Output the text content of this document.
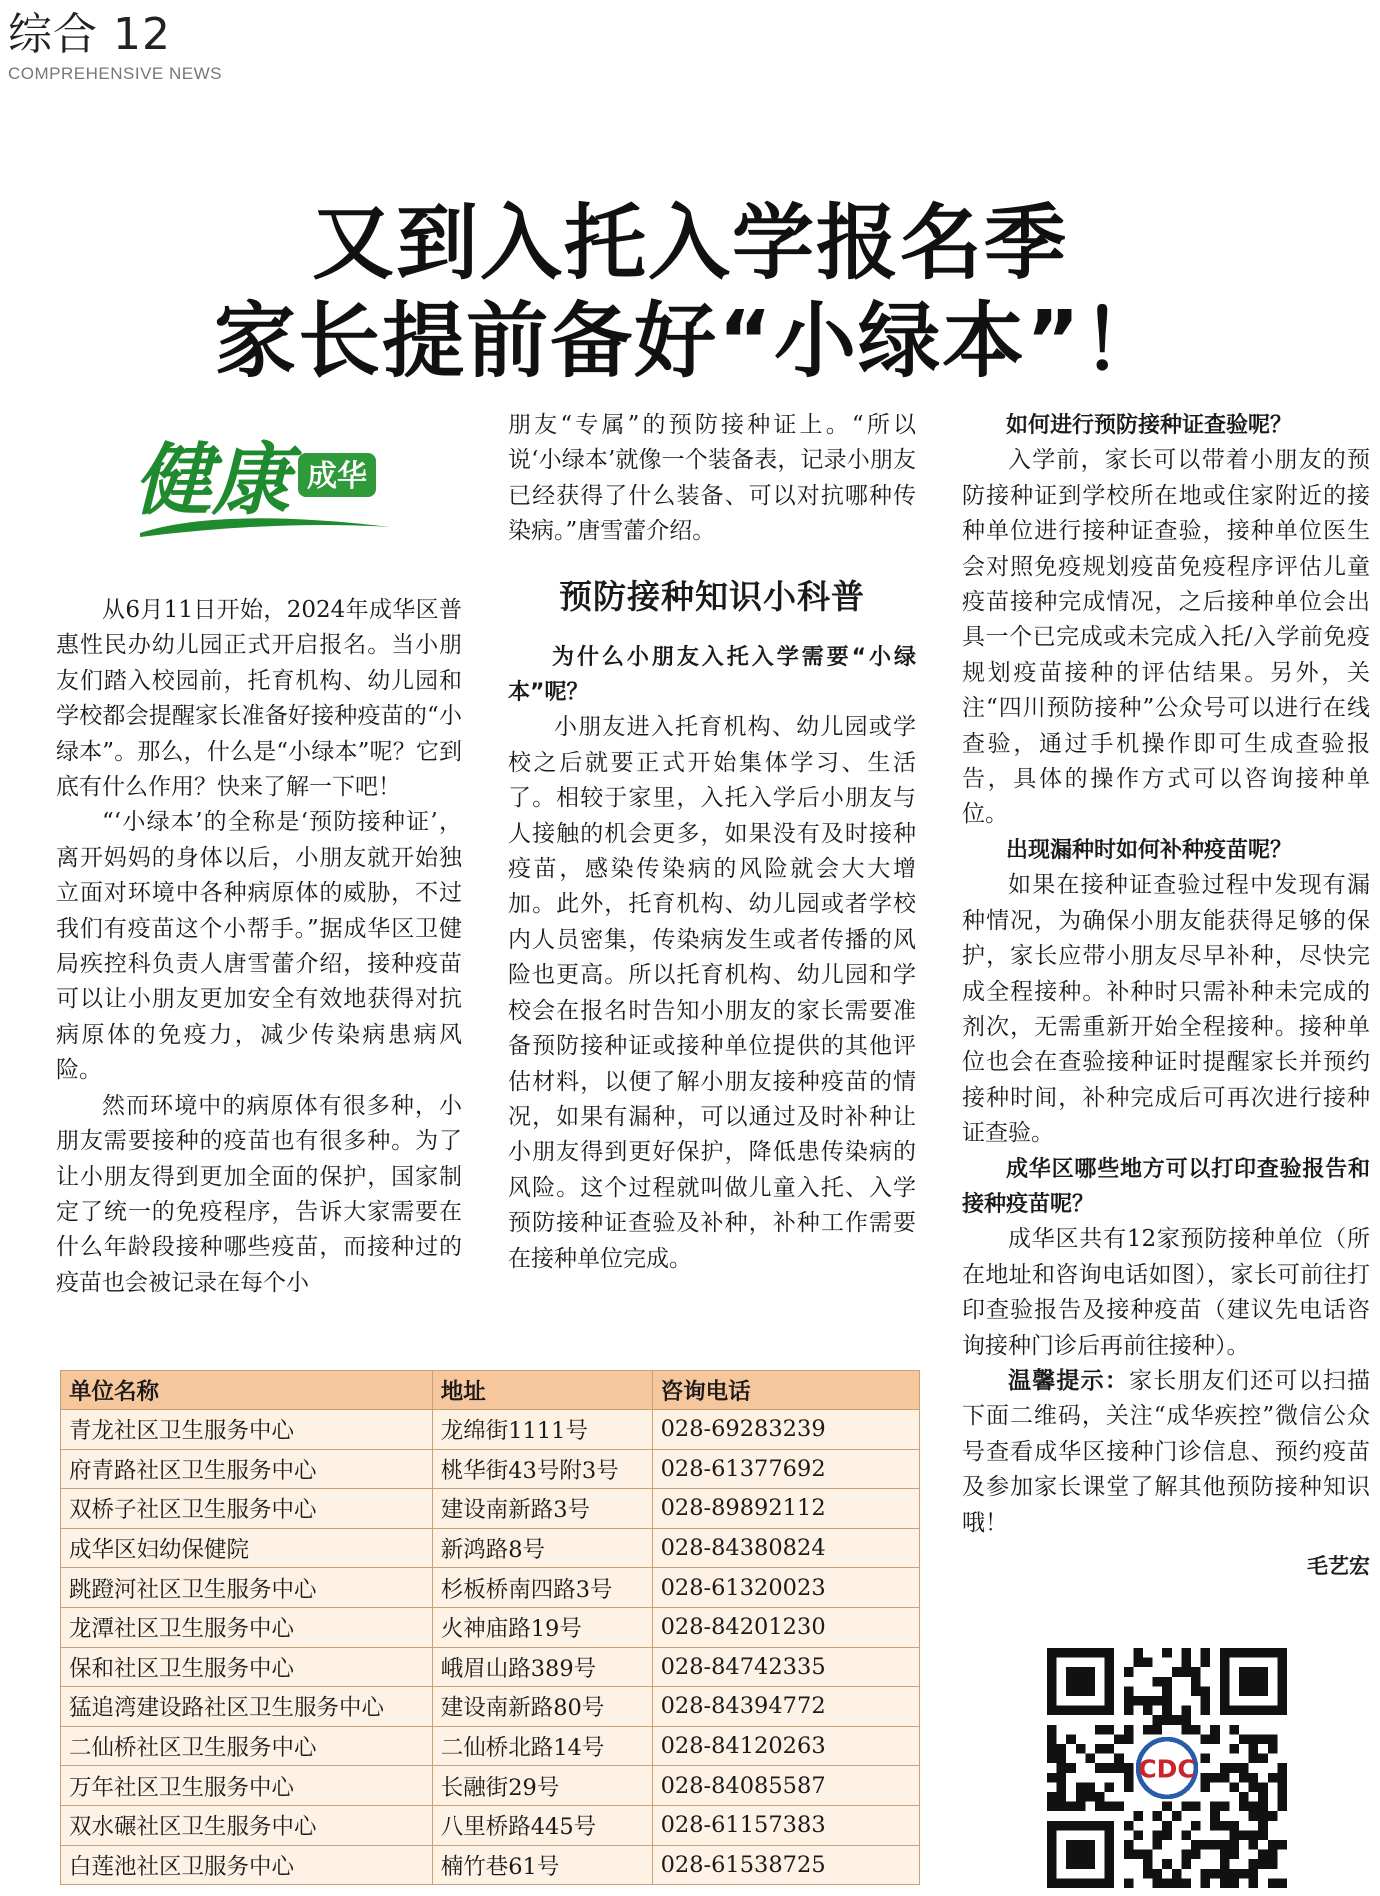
综合 12
COMPREHENSIVE NEWS
又到入托入学报名季
家长提前备好“小绿本”！
健康 成华

从6月11日开始，2024年成华区普惠性民办幼儿园正式开启报名。当小朋友们踏入校园前，托育机构、幼儿园和学校都会提醒家长准备好接种疫苗的“小绿本”。那么，什么是“小绿本”呢？它到底有什么作用？快来了解一下吧！

“‘小绿本’的全称是‘预防接种证’，离开妈妈的身体以后，小朋友就开始独立面对环境中各种病原体的威胁，不过我们有疫苗这个小帮手。”据成华区卫健局疾控科负责人唐雪蕾介绍，接种疫苗可以让小朋友更加安全有效地获得对抗病原体的免疫力，减少传染病患病风险。

然而环境中的病原体有很多种，小朋友需要接种的疫苗也有很多种。为了让小朋友得到更加全面的保护，国家制定了统一的免疫程序，告诉大家需要在什么年龄段接种哪些疫苗，而接种过的疫苗也会被记录在每个小

朋友“专属”的预防接种证上。“所以说‘小绿本’就像一个装备表，记录小朋友已经获得了什么装备、可以对抗哪种传染病。”唐雪蕾介绍。

预防接种知识小科普
为什么小朋友入托入学需要“小绿本”呢？

小朋友进入托育机构、幼儿园或学校之后就要正式开始集体学习、生活了。相较于家里，入托入学后小朋友与人接触的机会更多，如果没有及时接种疫苗，感染传染病的风险就会大大增加。此外，托育机构、幼儿园或者学校内人员密集，传染病发生或者传播的风险也更高。所以托育机构、幼儿园和学校会在报名时告知小朋友的家长需要准备预防接种证或接种单位提供的其他评估材料，以便了解小朋友接种疫苗的情况，如果有漏种，可以通过及时补种让小朋友得到更好保护，降低患传染病的风险。这个过程就叫做儿童入托、入学预防接种证查验及补种，补种工作需要在接种单位完成。

如何进行预防接种证查验呢？

入学前，家长可以带着小朋友的预防接种证到学校所在地或住家附近的接种单位进行接种证查验，接种单位医生会对照免疫规划疫苗免疫程序评估儿童疫苗接种完成情况，之后接种单位会出具一个已完成或未完成入托/入学前免疫规划疫苗接种的评估结果。另外，关注“四川预防接种”公众号可以进行在线查验，通过手机操作即可生成查验报告，具体的操作方式可以咨询接种单位。

出现漏种时如何补种疫苗呢？

如果在接种证查验过程中发现有漏种情况，为确保小朋友能获得足够的保护，家长应带小朋友尽早补种，尽快完成全程接种。补种时只需补种未完成的剂次，无需重新开始全程接种。接种单位也会在查验接种证时提醒家长并预约接种时间，补种完成后可再次进行接种证查验。

成华区哪些地方可以打印查验报告和接种疫苗呢？

成华区共有12家预防接种单位（所在地址和咨询电话如图），家长可前往打印查验报告及接种疫苗（建议先电话咨询接种门诊后再前往接种）。

温馨提示：家长朋友们还可以扫描下面二维码，关注“成华疾控”微信公众号查看成华区接种门诊信息、预约疫苗及参加家长课堂了解其他预防接种知识哦！

毛艺宏
单位名称	地址	咨询电话
青龙社区卫生服务中心	龙绵街1111号	028-69283239
府青路社区卫生服务中心	桃华街43号附3号	028-61377692
双桥子社区卫生服务中心	建设南新路3号	028-89892112
成华区妇幼保健院	新鸿路8号	028-84380824
跳蹬河社区卫生服务中心	杉板桥南四路3号	028-61320023
龙潭社区卫生服务中心	火神庙路19号	028-84201230
保和社区卫生服务中心	峨眉山路389号	028-84742335
猛追湾建设路社区卫生服务中心	建设南新路80号	028-84394772
二仙桥社区卫生服务中心	二仙桥北路14号	028-84120263
万年社区卫生服务中心	长融街29号	028-84085587
双水碾社区卫生服务中心	八里桥路445号	028-61157383
白莲池社区卫服务中心	楠竹巷61号	028-61538725
CDC
